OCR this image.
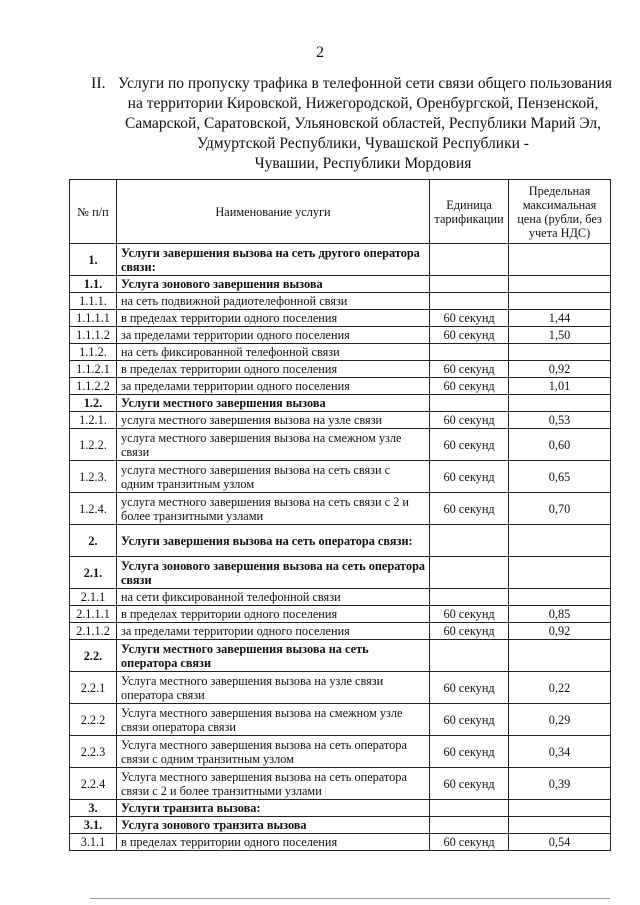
2
II. Услуги по пропуску трафика в телефонной сети связи общего пользования
на территории Кировской, Нижегородской, Оренбургской, Пензенской,
Самарской, Саратовской, Ульяновской областей, Республики Марий Эл,
Удмуртской Республики, Чувашской Республики -
Чувашии, Республики Мордовия
№ п/п	Наименование услуги	Единица тарификации	Предельная максимальная цена (рубли, без учета НДС)
1.	Услуги завершения вызова на сеть другого оператора связи:		
1.1.	Услуга зонового завершения вызова		
1.1.1.	на сеть подвижной радиотелефонной связи		
1.1.1.1	в пределах территории одного поселения	60 секунд	1,44
1.1.1.2	за пределами территории одного поселения	60 секунд	1,50
1.1.2.	на сеть фиксированной телефонной связи		
1.1.2.1	в пределах территории одного поселения	60 секунд	0,92
1.1.2.2	за пределами территории одного поселения	60 секунд	1,01
1.2.	Услуги местного завершения вызова		
1.2.1.	услуга местного завершения вызова на узле связи	60 секунд	0,53
1.2.2.	услуга местного завершения вызова на смежном узле связи	60 секунд	0,60
1.2.3.	услуга местного завершения вызова на сеть связи с одним транзитным узлом	60 секунд	0,65
1.2.4.	услуга местного завершения вызова на сеть связи с 2 и более транзитными узлами	60 секунд	0,70
2.	Услуги завершения вызова на сеть оператора связи:		
2.1.	Услуга зонового завершения вызова на сеть оператора связи		
2.1.1	на сети фиксированной телефонной связи		
2.1.1.1	в пределах территории одного поселения	60 секунд	0,85
2.1.1.2	за пределами территории одного поселения	60 секунд	0,92
2.2.	Услуги местного завершения вызова на сеть оператора связи		
2.2.1	Услуга местного завершения вызова на узле связи оператора связи	60 секунд	0,22
2.2.2	Услуга местного завершения вызова на смежном узле связи оператора связи	60 секунд	0,29
2.2.3	Услуга местного завершения вызова на сеть оператора связи с одним транзитным узлом	60 секунд	0,34
2.2.4	Услуга местного завершения вызова на сеть оператора связи с 2 и более транзитными узлами	60 секунд	0,39
3.	Услуги транзита вызова:		
3.1.	Услуга зонового транзита вызова		
3.1.1	в пределах территории одного поселения	60 секунд	0,54
